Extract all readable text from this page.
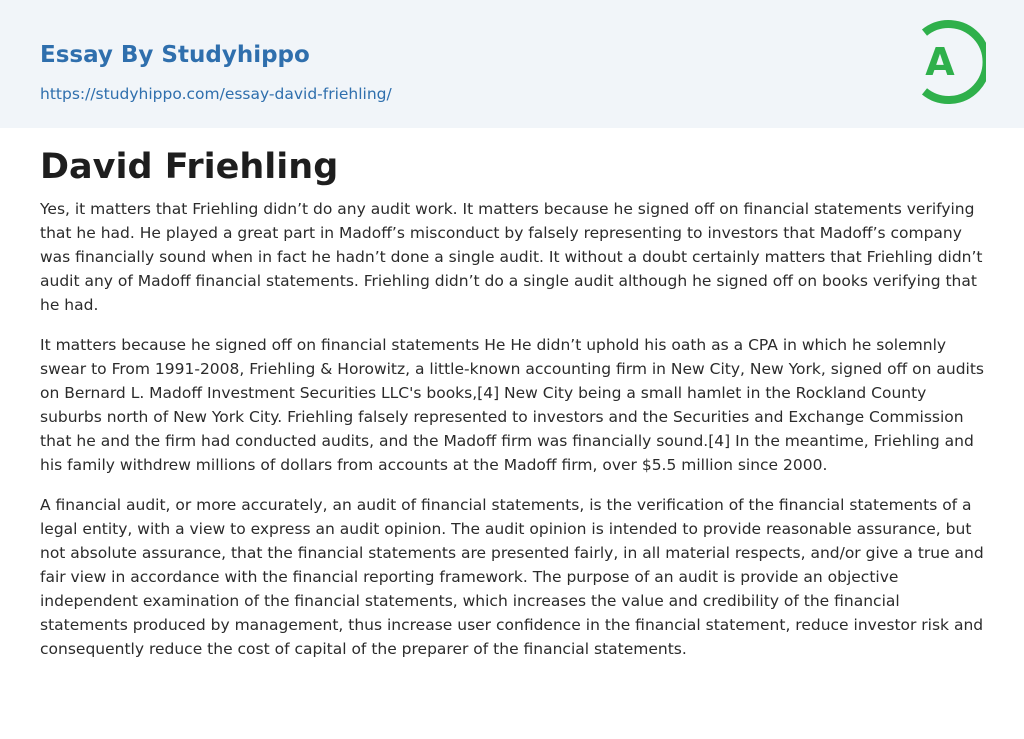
Essay By Studyhippo
https://studyhippo.com/essay-david-friehling/
A
David Friehling

Yes, it matters that Friehling didn’t do any audit work. It matters because he signed off on financial statements verifying that he had. He played a great part in Madoff’s misconduct by falsely representing to investors that Madoff’s company was financially sound when in fact he hadn’t done a single audit. It without a doubt certainly matters that Friehling didn’t audit any of Madoff financial statements. Friehling didn’t do a single audit although he signed off on books verifying that he had.

It matters because he signed off on financial statements He He didn’t uphold his oath as a CPA in which he solemnly swear to From 1991-2008, Friehling & Horowitz, a little-known accounting firm in New City, New York, signed off on audits on Bernard L. Madoff Investment Securities LLC's books,[4] New City being a small hamlet in the Rockland County suburbs north of New York City. Friehling falsely represented to investors and the Securities and Exchange Commission that he and the firm had conducted audits, and the Madoff firm was financially sound.[4] In the meantime, Friehling and his family withdrew millions of dollars from accounts at the Madoff firm, over $5.5 million since 2000.

A financial audit, or more accurately, an audit of financial statements, is the verification of the financial statements of a legal entity, with a view to express an audit opinion. The audit opinion is intended to provide reasonable assurance, but not absolute assurance, that the financial statements are presented fairly, in all material respects, and/or give a true and fair view in accordance with the financial reporting framework. The purpose of an audit is provide an objective independent examination of the financial statements, which increases the value and credibility of the financial statements produced by management, thus increase user confidence in the financial statement, reduce investor risk and consequently reduce the cost of capital of the preparer of the financial statements.
